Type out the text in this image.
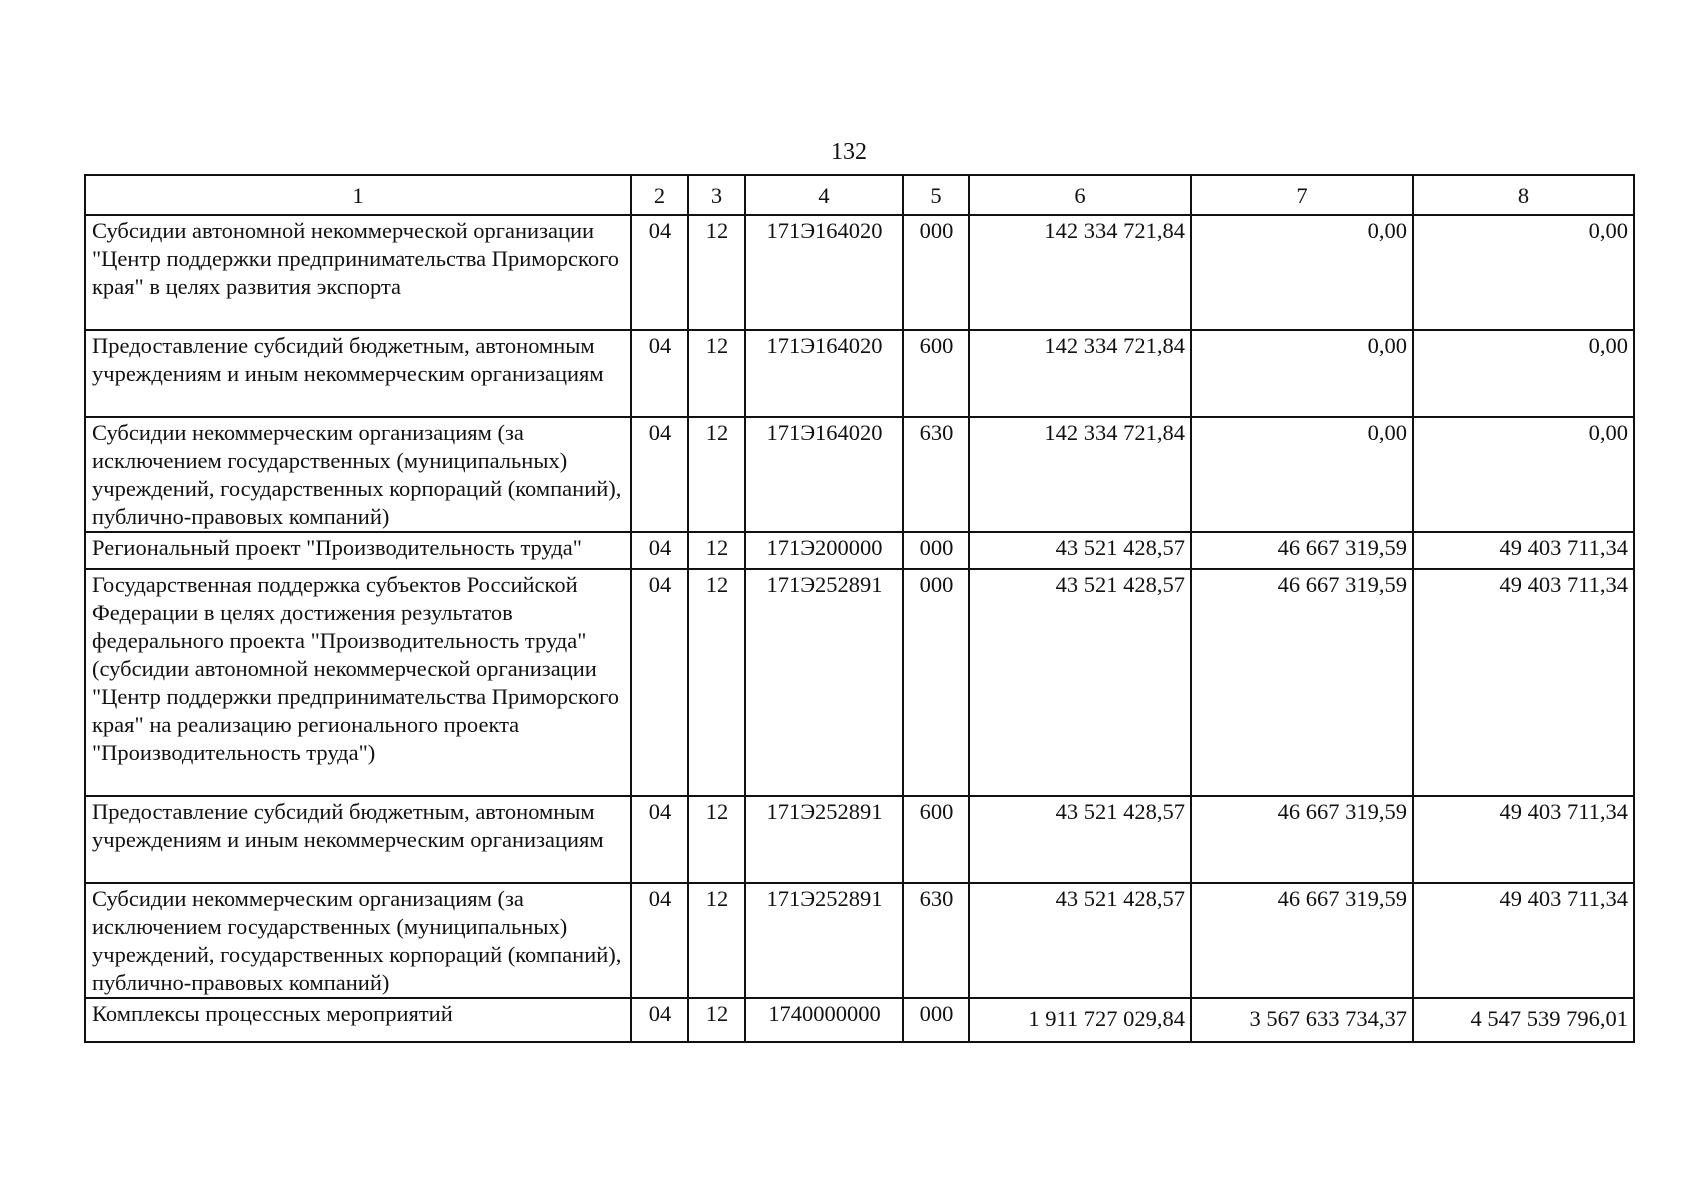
132
1	2	3	4	5	6	7	8
Субсидии автономной некоммерческой организации "Центр поддержки предпринимательства Приморского края" в целях развития экспорта	04	12	171Э164020	000	142 334 721,84	0,00	0,00
Предоставление субсидий бюджетным, автономным учреждениям и иным некоммерческим организациям	04	12	171Э164020	600	142 334 721,84	0,00	0,00
Субсидии некоммерческим организациям (за исключением государственных (муниципальных) учреждений, государственных корпораций (компаний), публично-правовых компаний)	04	12	171Э164020	630	142 334 721,84	0,00	0,00
Региональный проект "Производительность труда"	04	12	171Э200000	000	43 521 428,57	46 667 319,59	49 403 711,34
Государственная поддержка субъектов Российской Федерации в целях достижения результатов федерального проекта "Производительность труда" (субсидии автономной некоммерческой организации "Центр поддержки предпринимательства Приморского края" на реализацию регионального проекта "Производительность труда")	04	12	171Э252891	000	43 521 428,57	46 667 319,59	49 403 711,34
Предоставление субсидий бюджетным, автономным учреждениям и иным некоммерческим организациям	04	12	171Э252891	600	43 521 428,57	46 667 319,59	49 403 711,34
Субсидии некоммерческим организациям (за исключением государственных (муниципальных) учреждений, государственных корпораций (компаний), публично-правовых компаний)	04	12	171Э252891	630	43 521 428,57	46 667 319,59	49 403 711,34
Комплексы процессных мероприятий	04	12	1740000000	000	1 911 727 029,84	3 567 633 734,37	4 547 539 796,01
